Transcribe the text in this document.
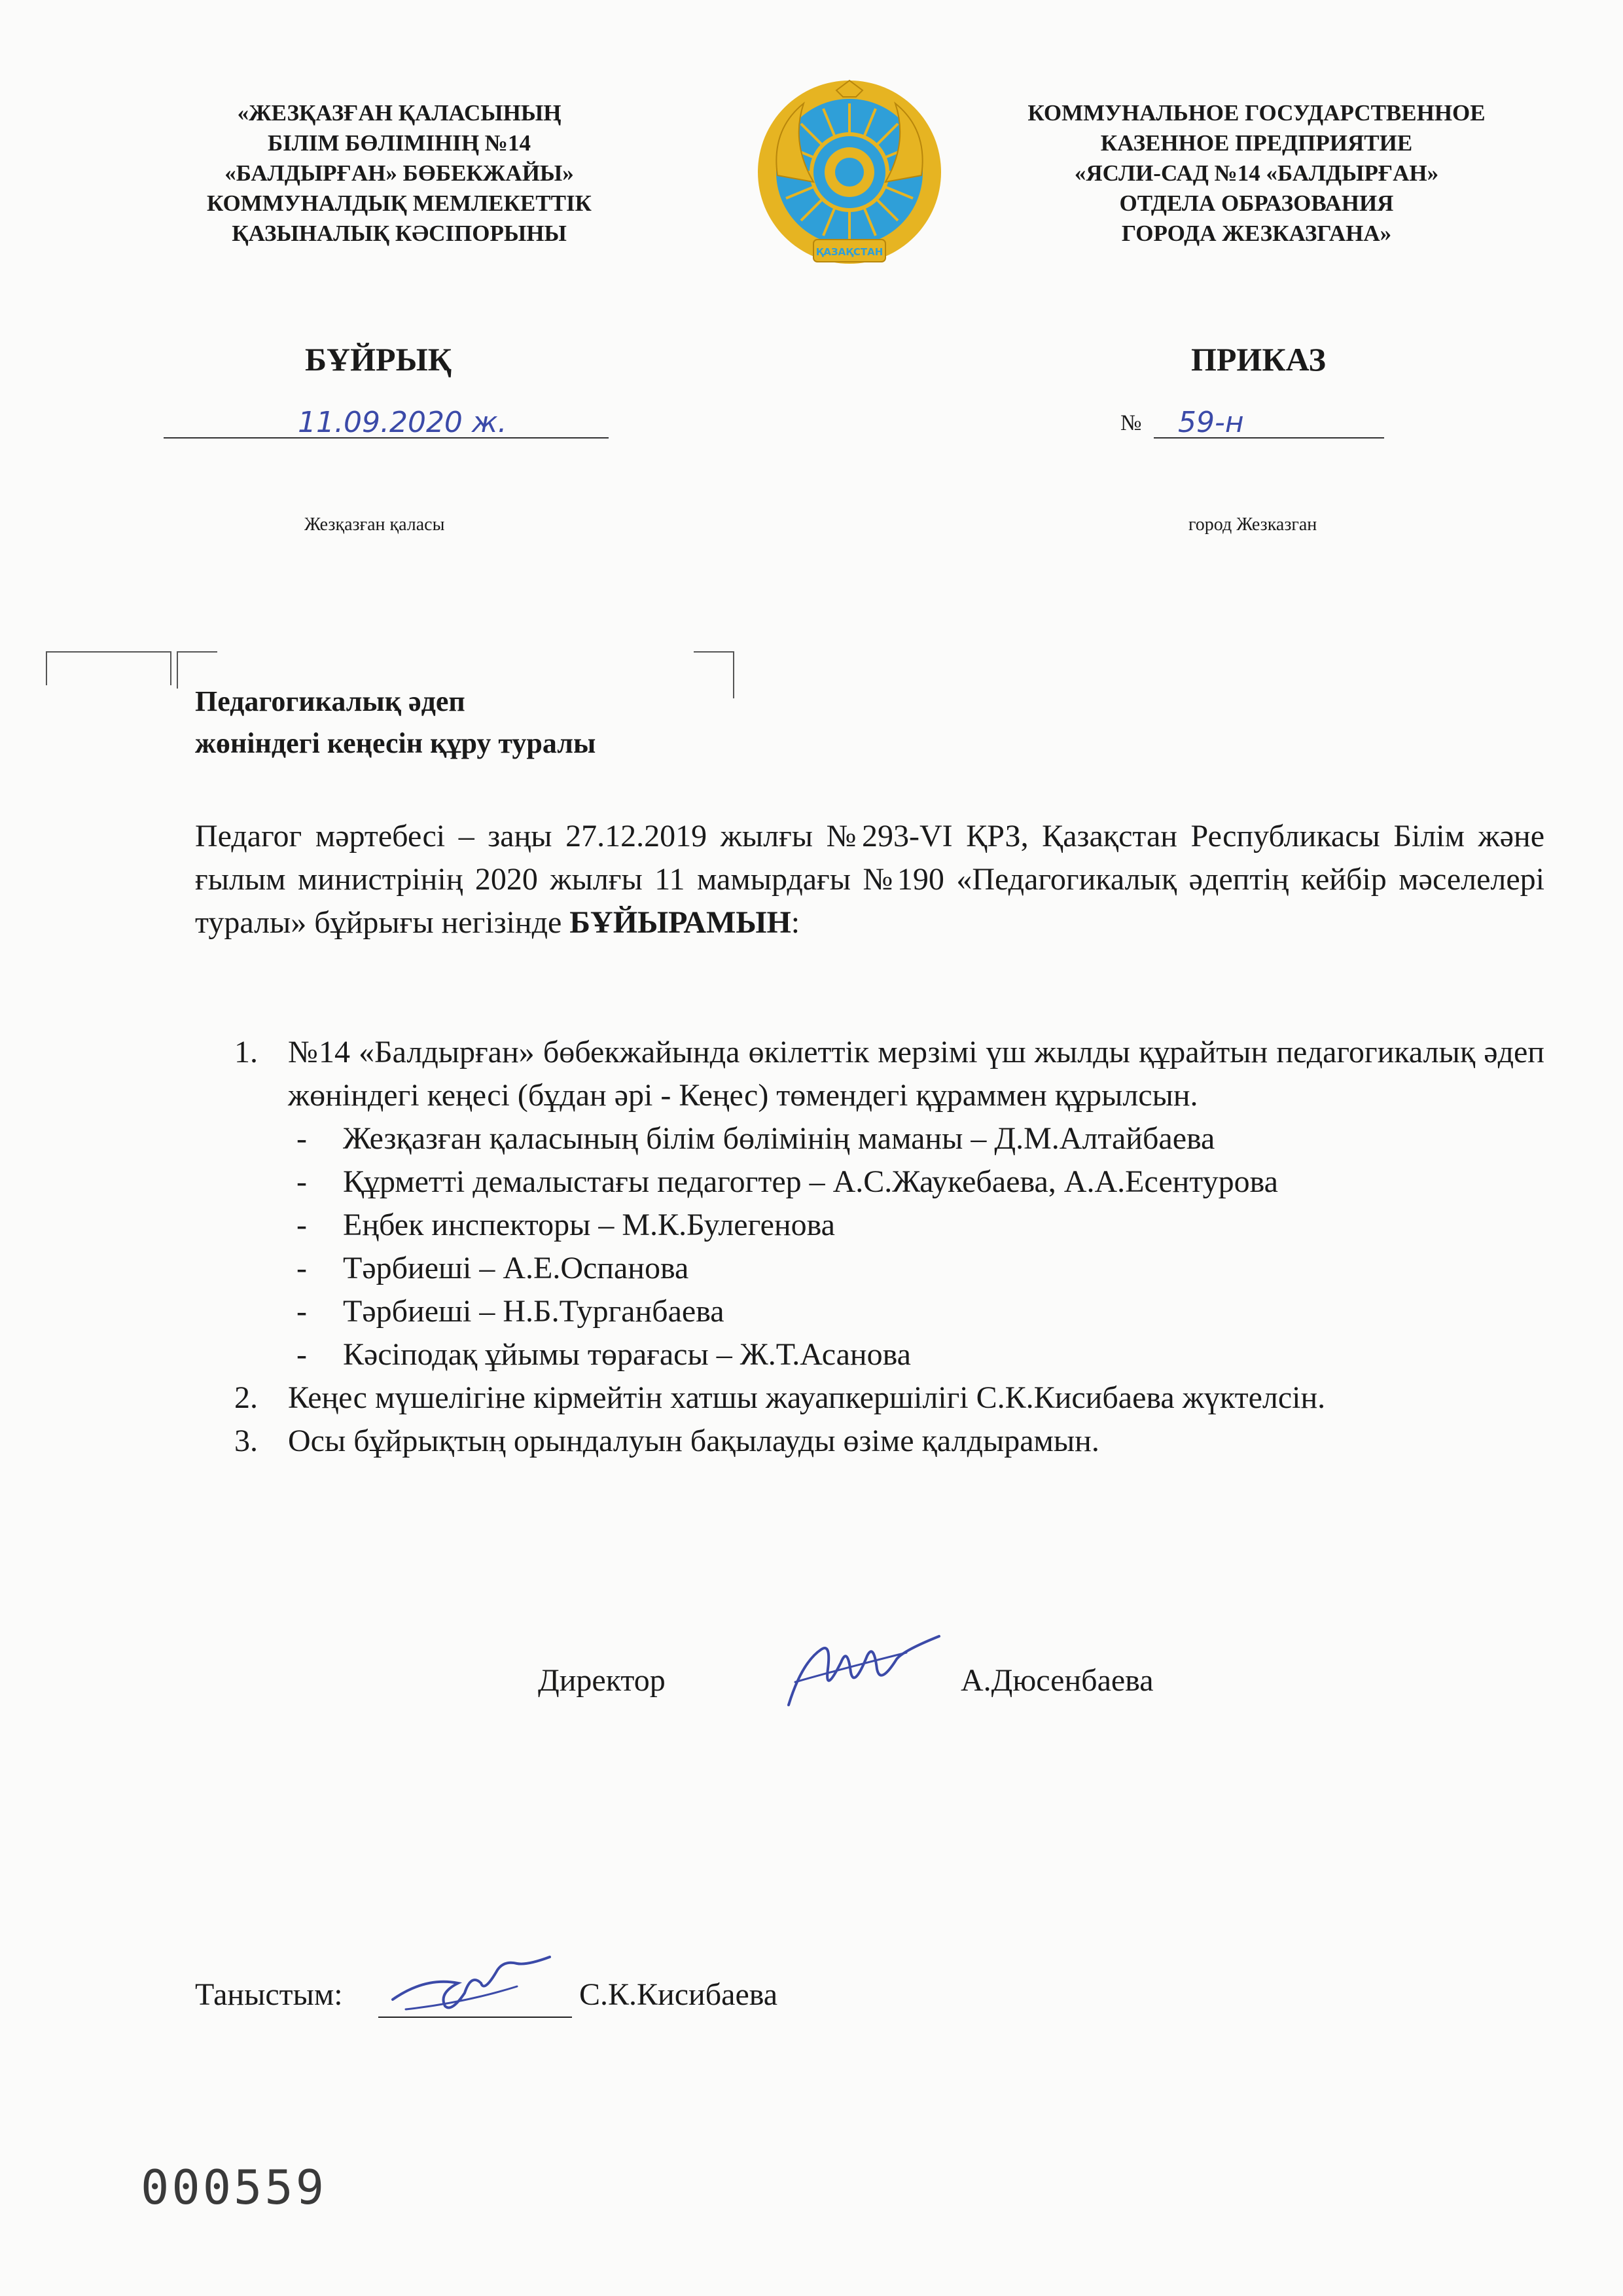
«ЖЕЗҚАЗҒАН ҚАЛАСЫНЫҢ
БІЛІМ БӨЛІМІНІҢ №14
«БАЛДЫРҒАН» БӨБЕКЖАЙЫ»
КОММУНАЛДЫҚ МЕМЛЕКЕТТІК
ҚАЗЫНАЛЫҚ КӘСІПОРЫНЫ
ҚАЗАҚСТАН
КОММУНАЛЬНОЕ ГОСУДАРСТВЕННОЕ
КАЗЕННОЕ ПРЕДПРИЯТИЕ
«ЯСЛИ-САД №14 «БАЛДЫРҒАН»
ОТДЕЛА ОБРАЗОВАНИЯ
ГОРОДА ЖЕЗКАЗГАНА»
БҰЙРЫҚ	ПРИКАЗ
11.09.2020 ж.	№ 59-н
Жезқазған қаласы	город Жезказган
Педагогикалық әдеп
жөніндегі кеңесін құру туралы
Педагог мәртебесі – заңы 27.12.2019 жылғы №293-VI ҚРЗ, Қазақстан Республикасы Білім және ғылым министрінің 2020 жылғы 11 мамырдағы №190 «Педагогикалық әдептің кейбір мәселелері туралы» бұйрығы негізінде БҰЙЫРАМЫН:
1. №14 «Балдырған» бөбекжайында өкілеттік мерзімі үш жылды құрайтын педагогикалық әдеп жөніндегі кеңесі (бұдан әрі - Кеңес) төмендегі құраммен құрылсын.
- Жезқазған қаласының білім бөлімінің маманы – Д.М.Алтайбаева
- Құрметті демалыстағы педагогтер – А.С.Жаукебаева, А.А.Есентурова
- Еңбек инспекторы – М.К.Булегенова
- Тәрбиеші – А.Е.Оспанова
- Тәрбиеші – Н.Б.Турганбаева
- Кәсіподақ ұйымы төрағасы – Ж.Т.Асанова
2. Кеңес мүшелігіне кірмейтін хатшы жауапкершілігі С.К.Кисибаева жүктелсін.
3. Осы бұйрықтың орындалуын бақылауды өзіме қалдырамын.
Директор	А.Дюсенбаева
Таныстым:	С.К.Кисибаева
000559
